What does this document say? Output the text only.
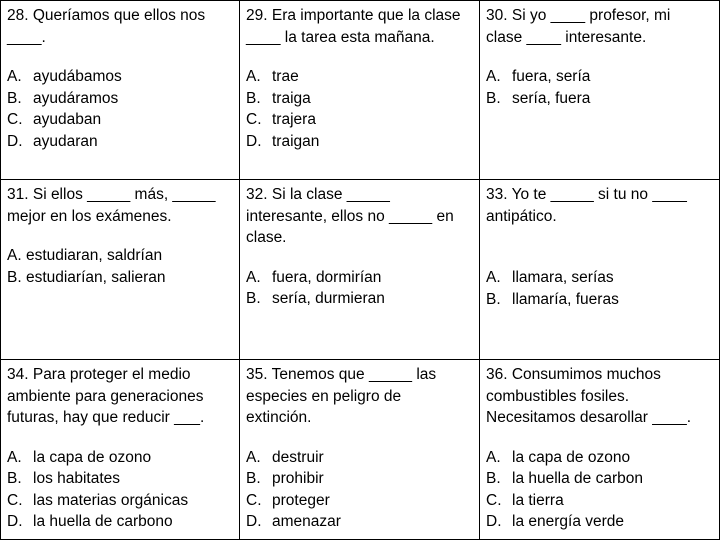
28. Queríamos que ellos nos
____.
A. ayudábamos
B. ayudáramos
C. ayudaban
D. ayudaran
29. Era importante que la clase
____ la tarea esta mañana.
A. trae
B. traiga
C. trajera
D. traigan
30. Si yo ____ profesor, mi
clase ____ interesante.
A. fuera, sería
B. sería, fuera
31. Si ellos _____ más, _____
mejor en los exámenes.
A. estudiaran, saldrían
B. estudiarían, salieran
32. Si la clase _____
interesante, ellos no _____ en
clase.
A. fuera, dormirían
B. sería, durmieran
33. Yo te _____ si tu no ____
antipático.
A. llamara, serías
B. llamaría, fueras
34. Para proteger el medio
ambiente para generaciones
futuras, hay que reducir ___.
A. la capa de ozono
B. los habitates
C. las materias orgánicas
D. la huella de carbono
35. Tenemos que _____ las
especies en peligro de
extinción.
A. destruir
B. prohibir
C. proteger
D. amenazar
36. Consumimos muchos
combustibles fosiles.
Necesitamos desarollar ____.
A. la capa de ozono
B. la huella de carbon
C. la tierra
D. la energía verde
